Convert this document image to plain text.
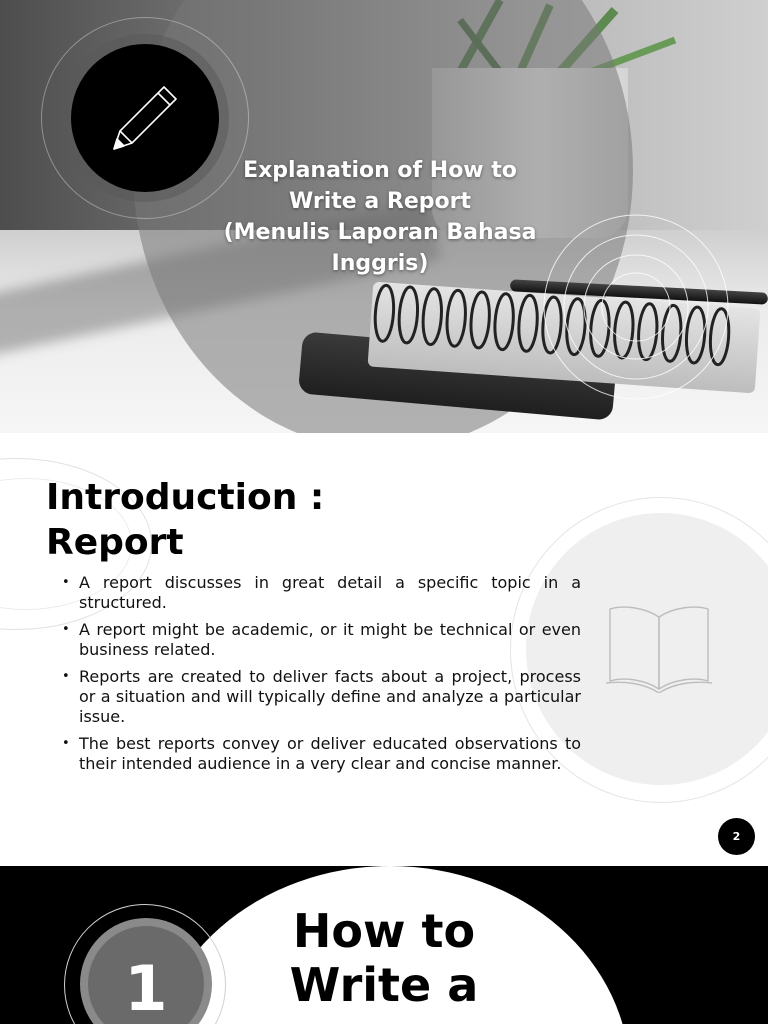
Explanation of How to
Write a Report
(Menulis Laporan Bahasa
Inggris)
Introduction :
Report
• A report discusses in great detail a specific topic in a structured.
• A report might be academic, or it might be technical or even business related.
• Reports are created to deliver facts about a project, process or a situation and will typically define and analyze a particular issue.
• The best reports convey or deliver educated observations to their intended audience in a very clear and concise manner.
2
1
How to
Write a
